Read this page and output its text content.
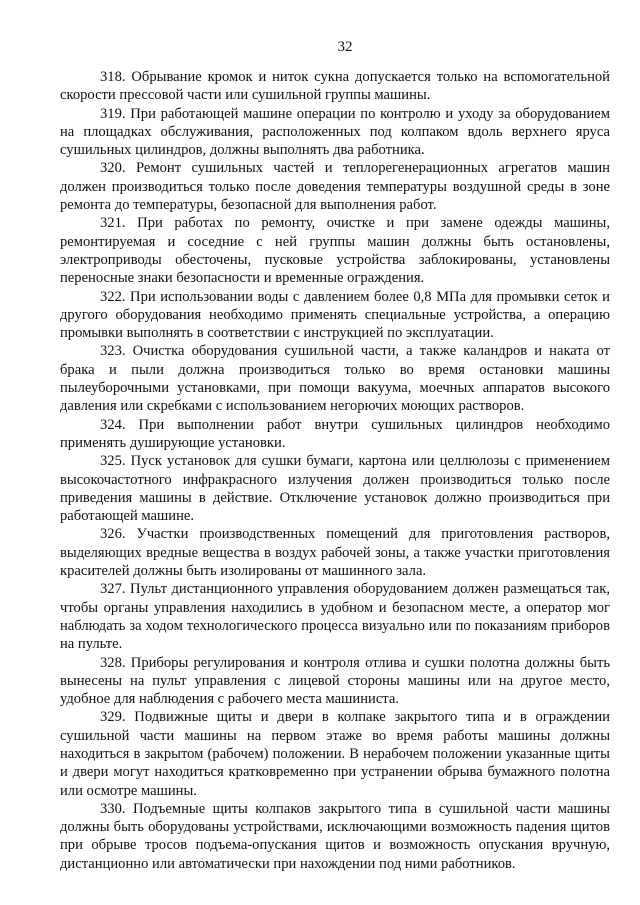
32

318. Обрывание кромок и ниток сукна допускается только на вспомогательной скорости прессовой части или сушильной группы машины.

319. При работающей машине операции по контролю и уходу за оборудованием на площадках обслуживания, расположенных под колпаком вдоль верхнего яруса сушильных цилиндров, должны выполнять два работника.

320. Ремонт сушильных частей и теплорегенерационных агрегатов машин должен производиться только после доведения температуры воздушной среды в зоне ремонта до температуры, безопасной для выполнения работ.

321. При работах по ремонту, очистке и при замене одежды машины, ремонтируемая и соседние с ней группы машин должны быть остановлены, электроприводы обесточены, пусковые устройства заблокированы, установлены переносные знаки безопасности и временные ограждения.

322. При использовании воды с давлением более 0,8 МПа для промывки сеток и другого оборудования необходимо применять специальные устройства, а операцию промывки выполнять в соответствии с инструкцией по эксплуатации.

323. Очистка оборудования сушильной части, а также каландров и наката от брака и пыли должна производиться только во время остановки машины пылеуборочными установками, при помощи вакуума, моечных аппаратов высокого давления или скребками с использованием негорючих моющих растворов.

324. При выполнении работ внутри сушильных цилиндров необходимо применять душирующие установки.

325. Пуск установок для сушки бумаги, картона или целлюлозы с применением высокочастотного инфракрасного излучения должен производиться только после приведения машины в действие. Отключение установок должно производиться при работающей машине.

326. Участки производственных помещений для приготовления растворов, выделяющих вредные вещества в воздух рабочей зоны, а также участки приготовления красителей должны быть изолированы от машинного зала.

327. Пульт дистанционного управления оборудованием должен размещаться так, чтобы органы управления находились в удобном и безопасном месте, а оператор мог наблюдать за ходом технологического процесса визуально или по показаниям приборов на пульте.

328. Приборы регулирования и контроля отлива и сушки полотна должны быть вынесены на пульт управления с лицевой стороны машины или на другое место, удобное для наблюдения с рабочего места машиниста.

329. Подвижные щиты и двери в колпаке закрытого типа и в ограждении сушильной части машины на первом этаже во время работы машины должны находиться в закрытом (рабочем) положении. В нерабочем положении указанные щиты и двери могут находиться кратковременно при устранении обрыва бумажного полотна или осмотре машины.

330. Подъемные щиты колпаков закрытого типа в сушильной части машины должны быть оборудованы устройствами, исключающими возможность падения щитов при обрыве тросов подъема-опускания щитов и возможность опускания вручную, дистанционно или автоматически при нахождении под ними работников.
